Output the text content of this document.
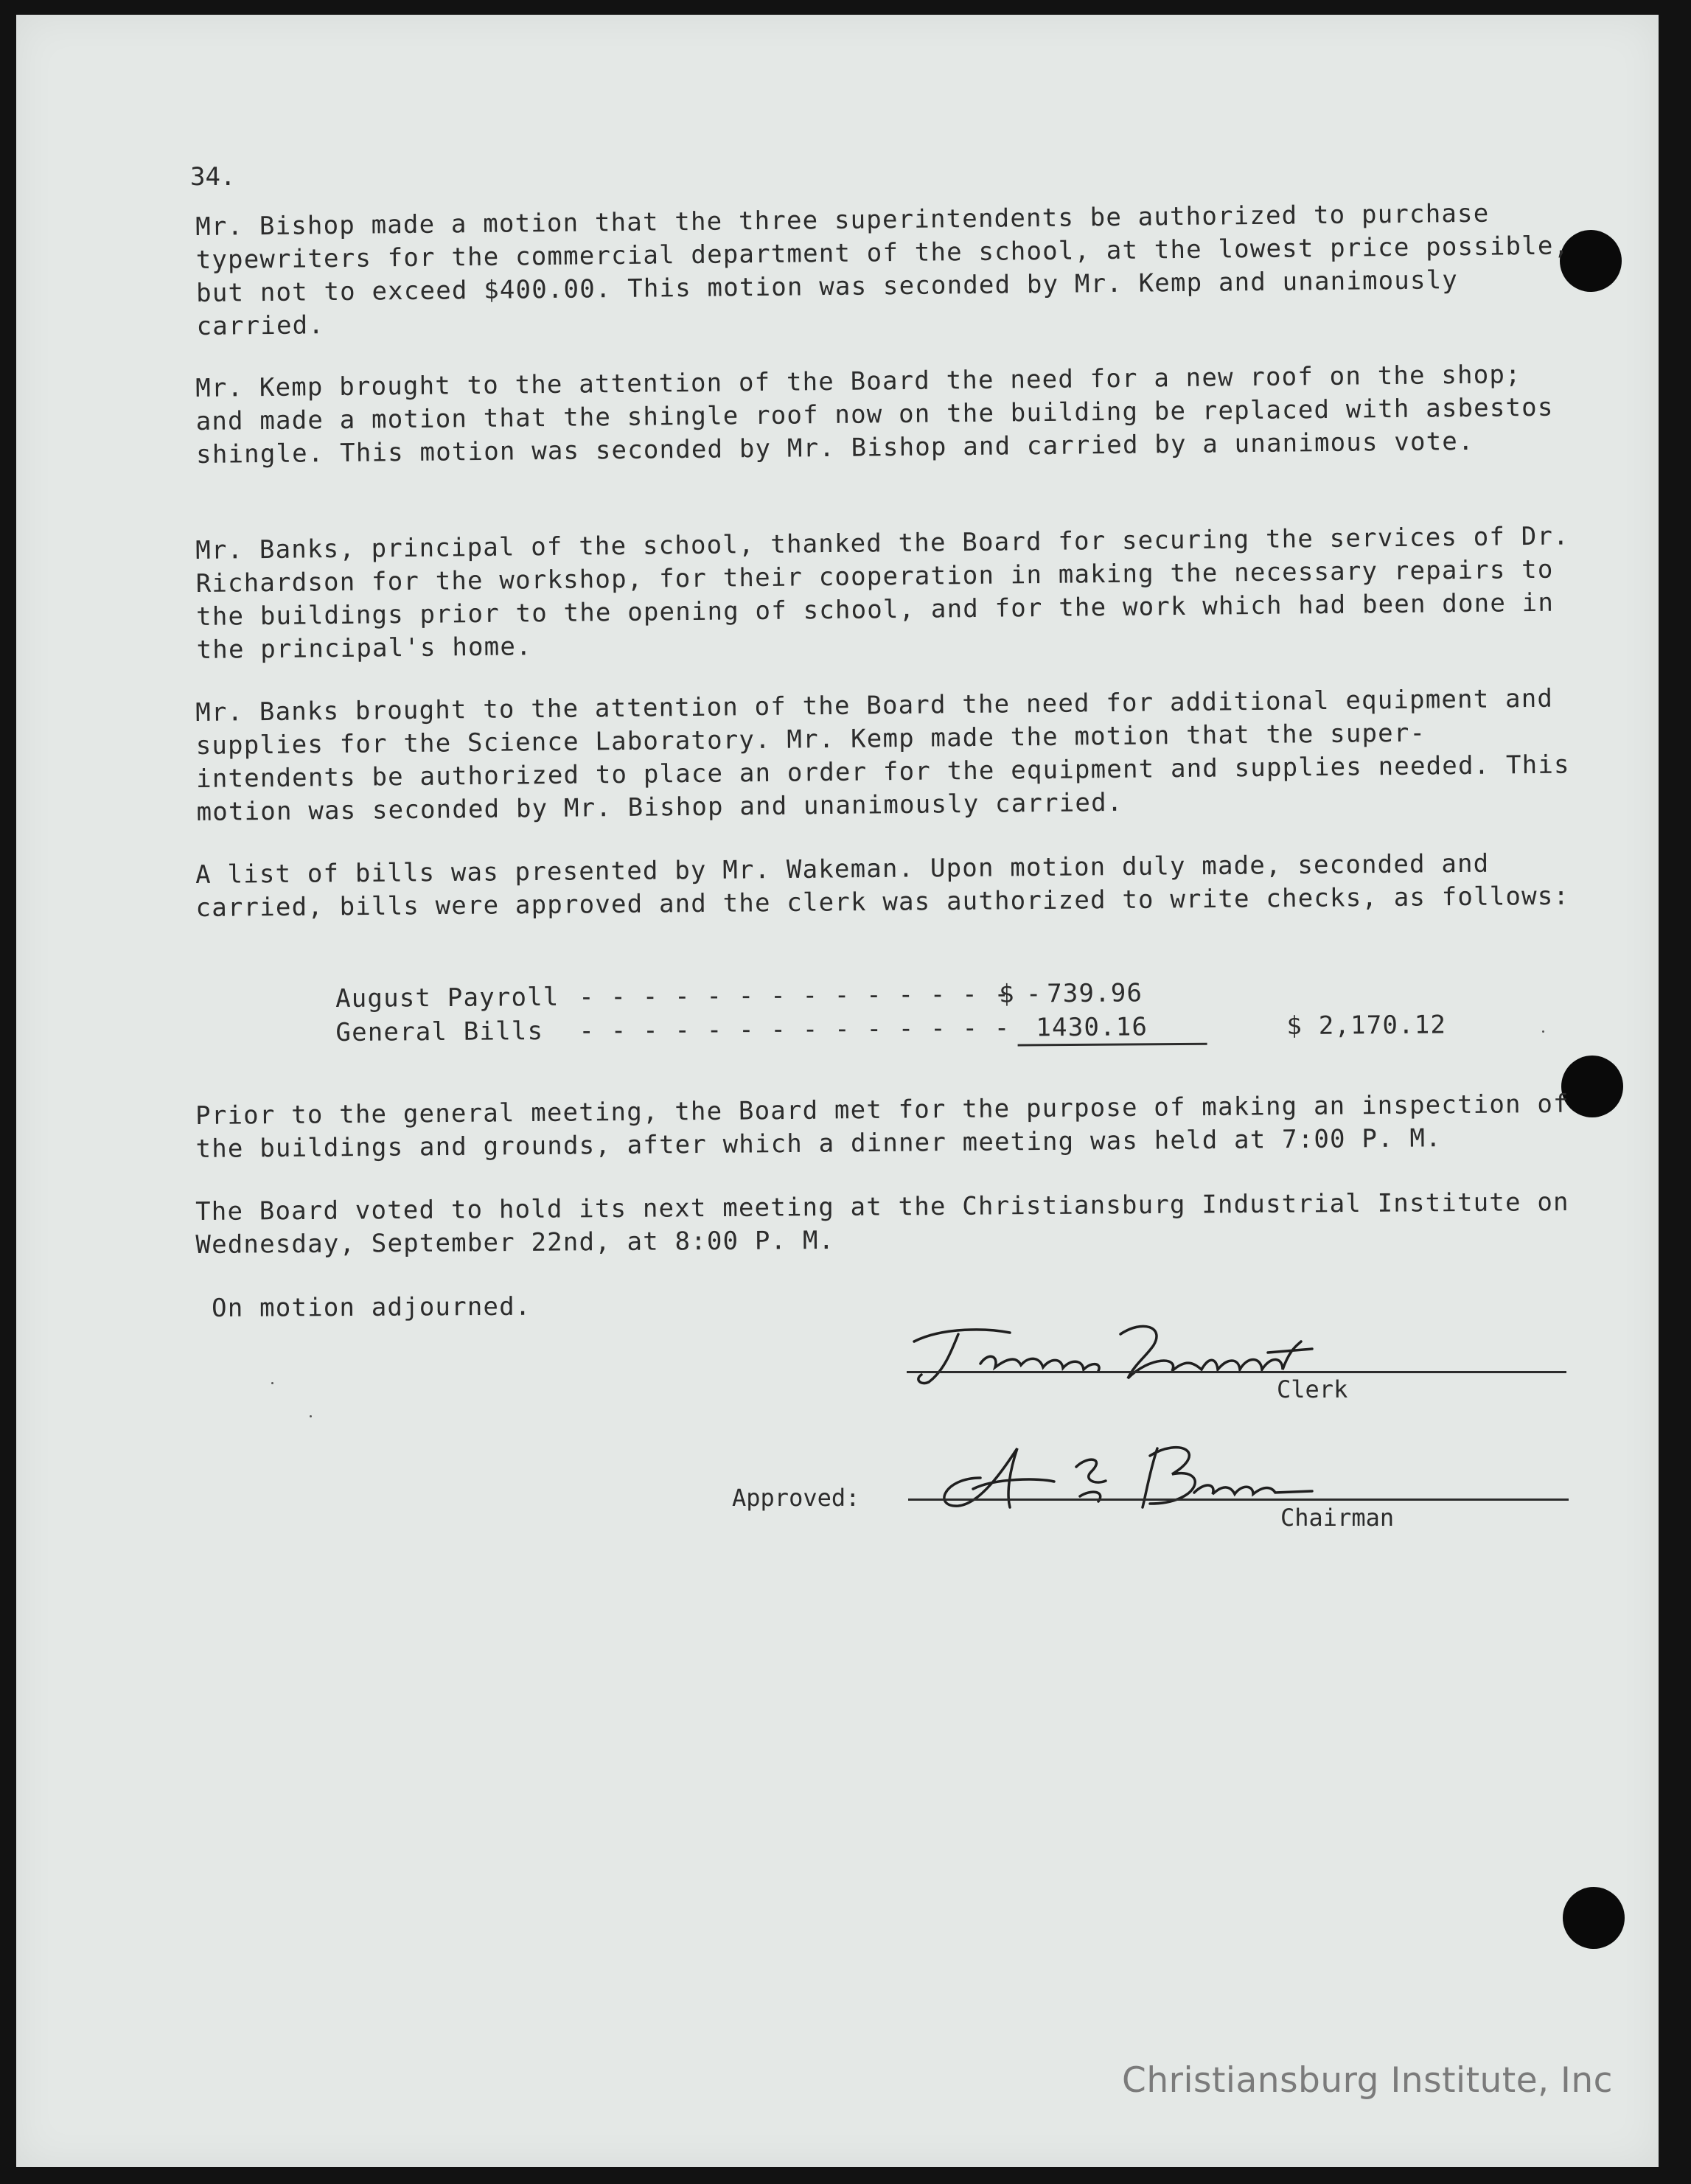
34.

Mr. Bishop made a motion that the three superintendents be authorized to purchase typewriters for the commercial department of the school, at the lowest price possible, but not to exceed $400.00. This motion was seconded by Mr. Kemp and unanimously carried.

Mr. Kemp brought to the attention of the Board the need for a new roof on the shop; and made a motion that the shingle roof now on the building be replaced with asbestos shingle. This motion was seconded by Mr. Bishop and carried by a unanimous vote.

Mr. Banks, principal of the school, thanked the Board for securing the services of Dr. Richardson for the workshop, for their cooperation in making the necessary repairs to the buildings prior to the opening of school, and for the work which had been done in the principal's home.

Mr. Banks brought to the attention of the Board the need for additional equipment and supplies for the Science Laboratory. Mr. Kemp made the motion that the super-intendents be authorized to place an order for the equipment and supplies needed. This motion was seconded by Mr. Bishop and unanimously carried.

A list of bills was presented by Mr. Wakeman. Upon motion duly made, seconded and carried, bills were approved and the clerk was authorized to write checks, as follows:

August Payroll - - - - - - - - - - - - - - -
$  739.96
General Bills - - - - - - - - - - - - - -	1430.16	$ 2,170.12

Prior to the general meeting, the Board met for the purpose of making an inspection of the buildings and grounds, after which a dinner meeting was held at 7:00 P. M.

The Board voted to hold its next meeting at the Christiansburg Industrial Institute on Wednesday, September 22nd, at 8:00 P. M.

On motion adjourned.

Clerk
Approved:
Chairman
Christiansburg Institute, Inc
